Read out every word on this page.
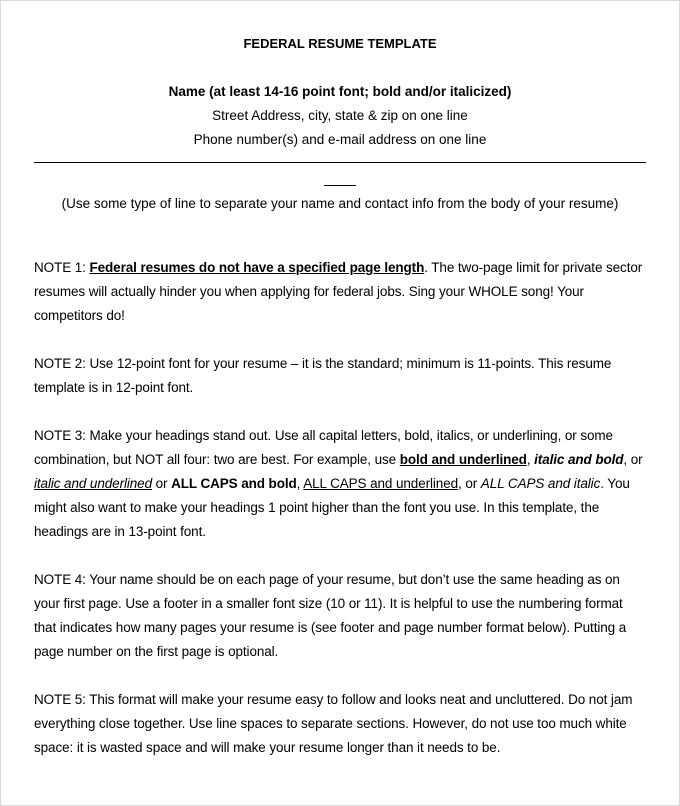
FEDERAL RESUME TEMPLATE
Name (at least 14-16 point font; bold and/or italicized)
Street Address, city, state & zip on one line
Phone number(s) and e-mail address on one line
(Use some type of line to separate your name and contact info from the body of your resume)

NOTE 1: Federal resumes do not have a specified page length. The two-page limit for private sector resumes will actually hinder you when applying for federal jobs. Sing your WHOLE song! Your competitors do!

NOTE 2: Use 12-point font for your resume – it is the standard; minimum is 11-points. This resume template is in 12-point font.

NOTE 3: Make your headings stand out. Use all capital letters, bold, italics, or underlining, or some combination, but NOT all four: two are best. For example, use bold and underlined, italic and bold, or italic and underlined or ALL CAPS and bold, ALL CAPS and underlined, or ALL CAPS and italic. You might also want to make your headings 1 point higher than the font you use. In this template, the headings are in 13-point font.

NOTE 4: Your name should be on each page of your resume, but don’t use the same heading as on your first page. Use a footer in a smaller font size (10 or 11). It is helpful to use the numbering format that indicates how many pages your resume is (see footer and page number format below). Putting a page number on the first page is optional.

NOTE 5: This format will make your resume easy to follow and looks neat and uncluttered. Do not jam everything close together. Use line spaces to separate sections. However, do not use too much white space: it is wasted space and will make your resume longer than it needs to be.
